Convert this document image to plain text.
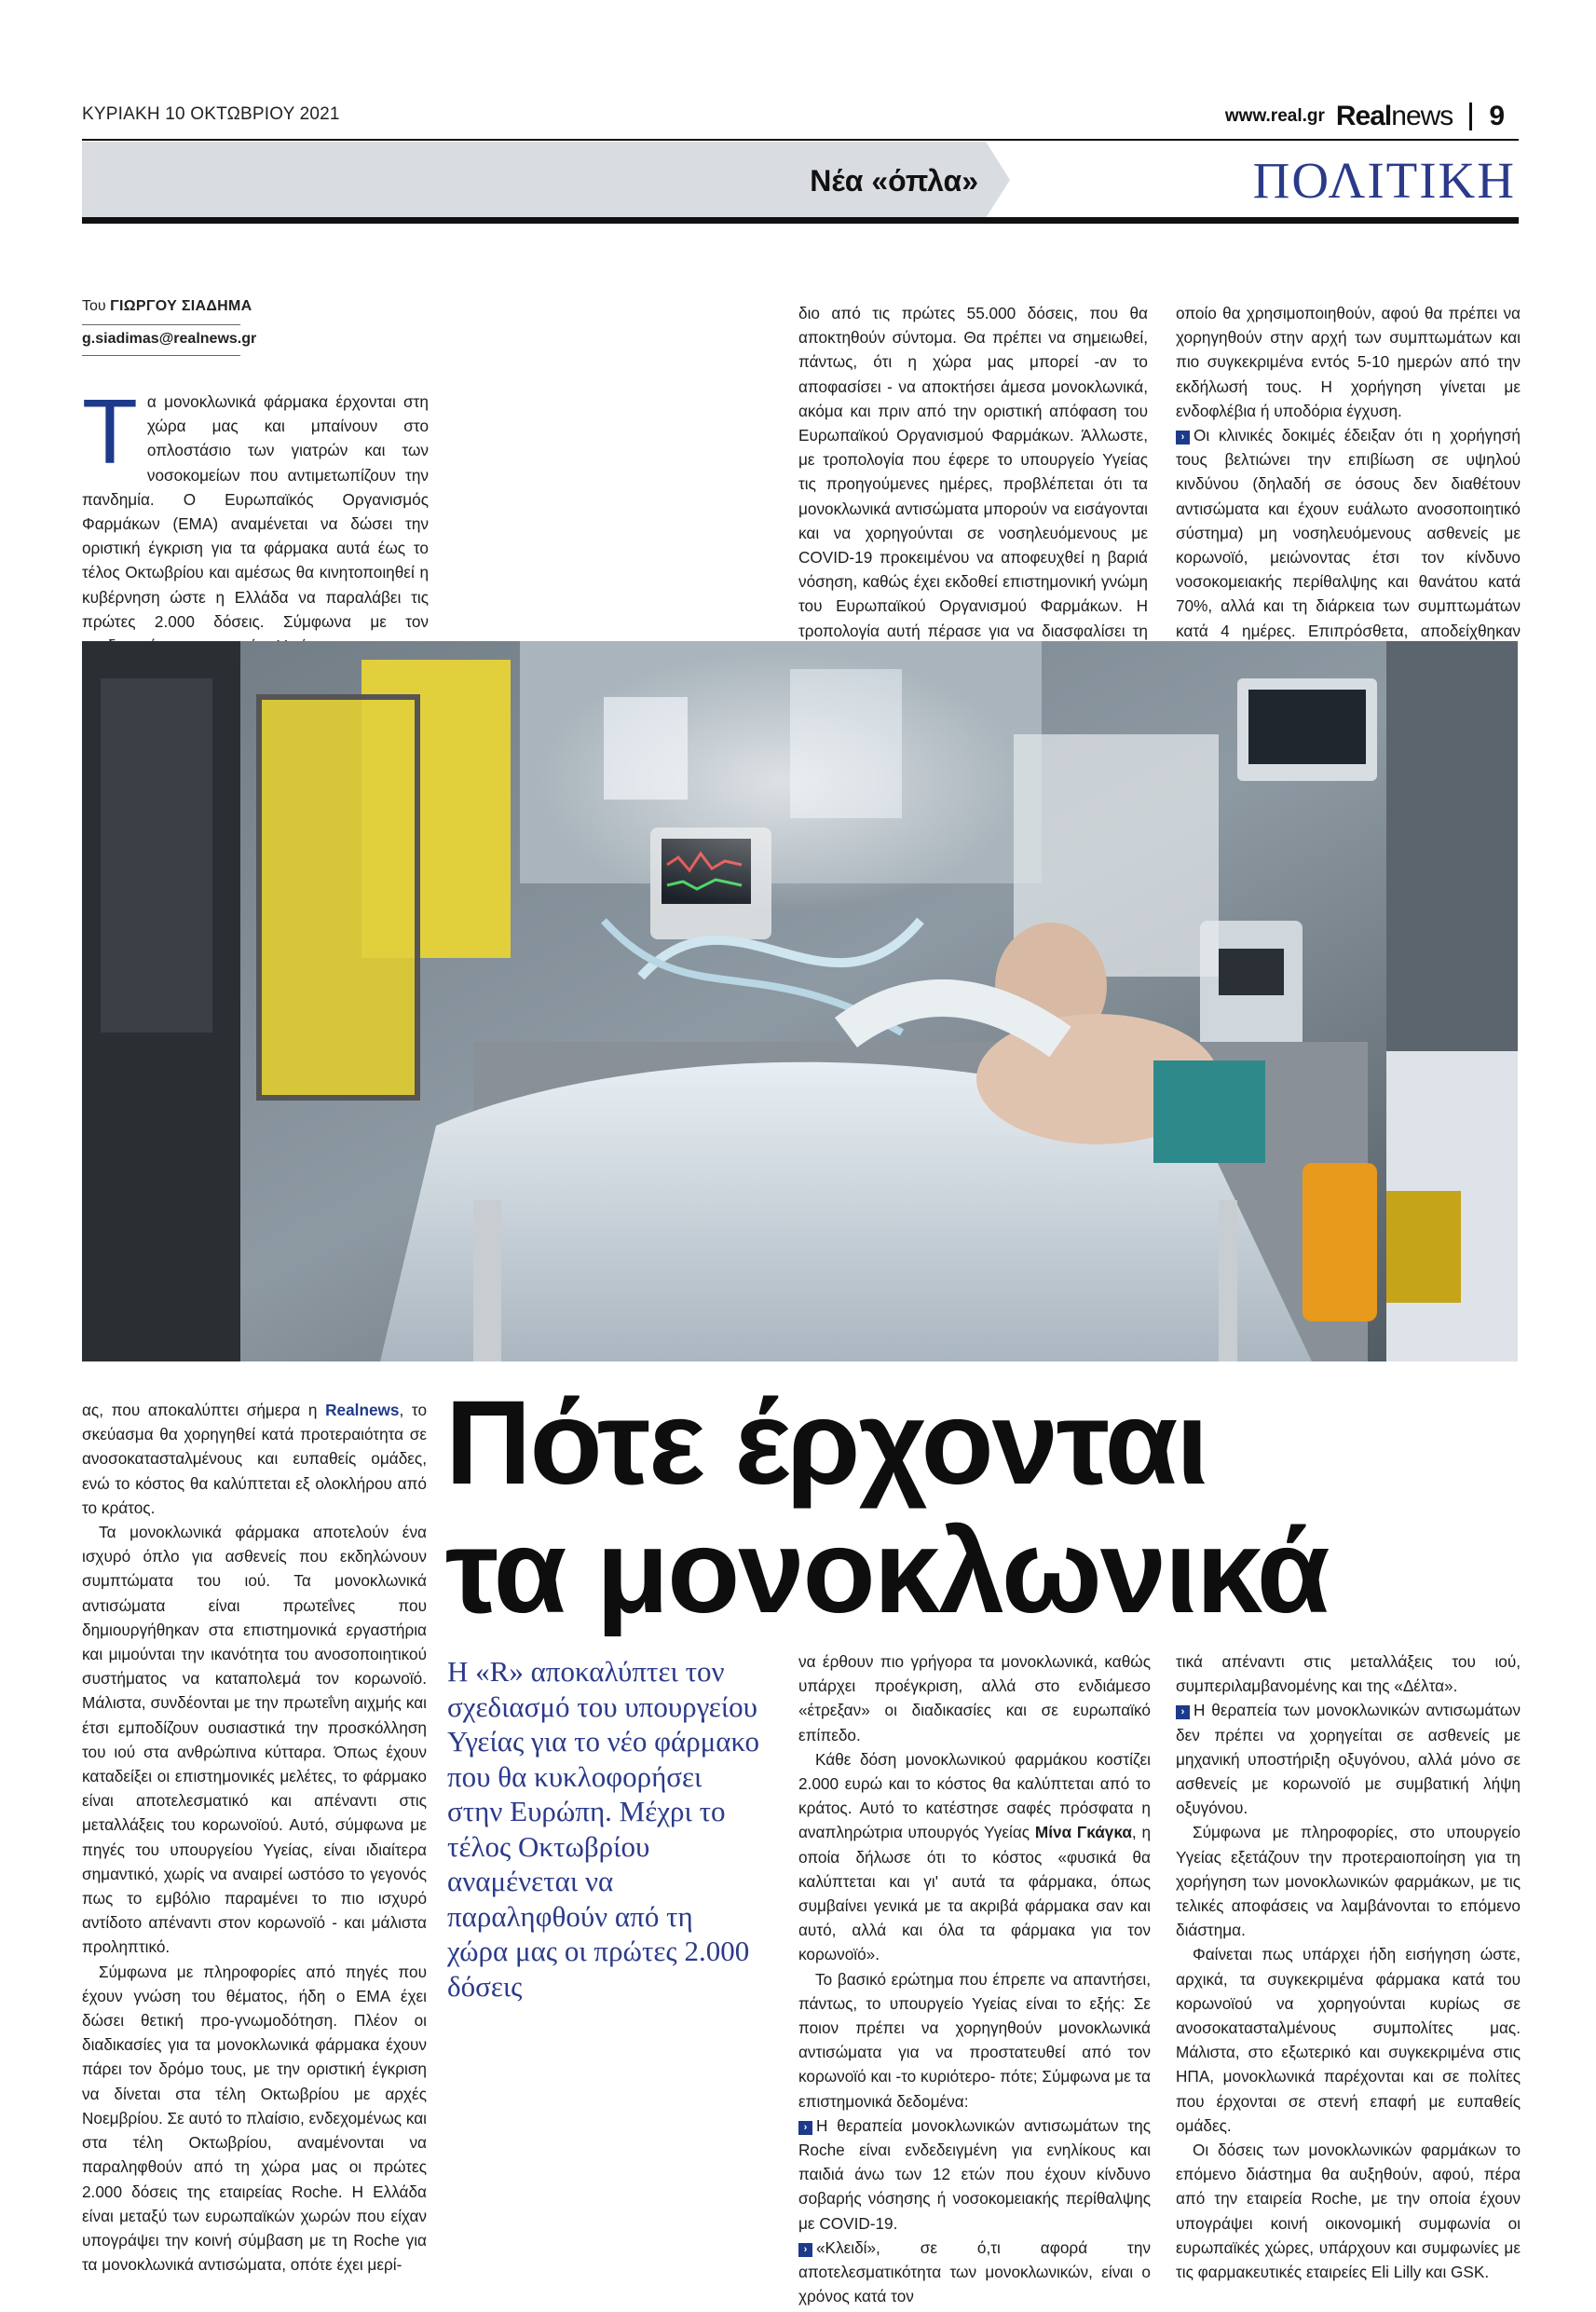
ΚΥΡΙΑΚΗ 10 ΟΚΤΩΒΡΙΟΥ 2021	www.real.gr Realnews 9
Νέα «όπλα»	ΠΟΛΙΤΙΚΗ
Του ΓΙΩΡΓΟΥ ΣΙΑΔΗΜΑ
g.siadimas@realnews.gr

Τα μονοκλωνικά φάρμακα έρχονται στη χώρα μας και μπαίνουν στο οπλοστάσιο των γιατρών και των νοσοκομείων που αντιμετωπίζουν την πανδημία. Ο Ευρωπαϊκός Οργανισμός Φαρμάκων (ΕΜΑ) αναμένεται να δώσει την οριστική έγκριση για τα φάρμακα αυτά έως το τέλος Οκτωβρίου και αμέσως θα κινητοποιηθεί η κυβέρνηση ώστε η Ελλάδα να παραλάβει τις πρώτες 2.000 δόσεις. Σύμφωνα με τον

διο από τις πρώτες 55.000 δόσεις, που θα αποκτηθούν σύντομα. Θα πρέπει να σημειωθεί, πάντως, ότι η χώρα μας μπορεί -αν το αποφασίσει - να αποκτήσει άμεσα μονοκλωνικά, ακόμα και πριν από την οριστική απόφαση του Ευρωπαϊκού Οργανισμού Φαρμάκων. Άλλωστε, με τροπολογία που έφερε το υπουργείο Υγείας τις προηγούμενες ημέρες, προβλέπεται ότι τα μονοκλωνικά αντισώματα μπορούν να εισάγονται και να χορηγούνται σε νοσηλευόμενους με COVID-19 προκειμένου να αποφευχθεί η βαριά νόσηση, καθώς έχει εκδοθεί επιστημονική γνώμη του Ευρωπαϊκού Οργανισμού Φαρμάκων. Η τροπολογία αυτή πέρασε για να διασφαλίσει τη

οποίο θα χρησιμοποιηθούν, αφού θα πρέπει να χορηγηθούν στην αρχή των συμπτωμάτων και πιο συγκεκριμένα εντός 5-10 ημερών από την εκδήλωσή τους. Η χορήγηση γίνεται με ενδοφλέβια ή υποδόρια έγχυση.

› Οι κλινικές δοκιμές έδειξαν ότι η χορήγησή τους βελτιώνει την επιβίωση σε υψηλού κινδύνου (δηλαδή σε όσους δεν διαθέτουν αντισώματα και έχουν ευάλωτο ανοσοποιητικό σύστημα) μη νοσηλευόμενους ασθενείς με κορωνοϊό, μειώνοντας έτσι τον κίνδυνο νοσοκομειακής περίθαλψης και θανάτου κατά 70%, αλλά και τη διάρκεια των συμπτωμάτων κατά 4 ημέρες. Επιπρόσθετα, αποδείχθηκαν

Πότε έρχονται
τα μονοκλωνικά
Η «R» αποκαλύπτει τον σχεδιασμό του υπουργείου Υγείας για το νέο φάρμακο που θα κυκλοφορήσει στην Ευρώπη. Μέχρι το τέλος Οκτωβρίου αναμένεται να παραληφθούν από τη χώρα μας οι πρώτες 2.000 δόσεις

ας, που αποκαλύπτει σήμερα η Realnews, το σκεύασμα θα χορηγηθεί κατά προτεραιότητα σε ανοσοκατασταλμένους και ευπαθείς ομάδες, ενώ το κόστος θα καλύπτεται εξ ολοκλήρου από το κράτος.

Τα μονοκλωνικά φάρμακα αποτελούν ένα ισχυρό όπλο για ασθενείς που εκδηλώνουν συμπτώματα του ιού. Τα μονοκλωνικά αντισώματα είναι πρωτεΐνες που δημιουργήθηκαν στα επιστημονικά εργαστήρια και μιμούνται την ικανότητα του ανοσοποιητικού συστήματος να καταπολεμά τον κορωνοϊό. Μάλιστα, συνδέονται με την πρωτεΐνη αιχμής και έτσι εμποδίζουν ουσιαστικά την προσκόλληση του ιού στα ανθρώπινα κύτταρα. Όπως έχουν καταδείξει οι επιστημονικές μελέτες, το φάρμακο είναι αποτελεσματικό και απέναντι στις μεταλλάξεις του κορωνοϊού. Αυτό, σύμφωνα με πηγές του υπουργείου Υγείας, είναι ιδιαίτερα σημαντικό, χωρίς να αναιρεί ωστόσο το γεγονός πως το εμβόλιο παραμένει το πιο ισχυρό αντίδοτο απέναντι στον κορωνοϊό - και μάλιστα προληπτικό.

Σύμφωνα με πληροφορίες από πηγές που έχουν γνώση του θέματος, ήδη ο ΕΜΑ έχει δώσει θετική προ-γνωμοδότηση. Πλέον οι διαδικασίες για τα μονοκλωνικά φάρμακα έχουν πάρει τον δρόμο τους, με την οριστική έγκριση να δίνεται στα τέλη Οκτωβρίου με αρχές Νοεμβρίου. Σε αυτό το πλαίσιο, ενδεχομένως και στα τέλη Οκτωβρίου, αναμένονται να παραληφθούν από τη χώρα μας οι πρώτες 2.000 δόσεις της εταιρείας Roche. Η Ελλάδα είναι μεταξύ των ευρωπαϊκών χωρών που είχαν υπογράψει την κοινή σύμβαση με τη Roche για τα μονοκλωνικά αντισώματα, οπότε έχει μερί-

να έρθουν πιο γρήγορα τα μονοκλωνικά, καθώς υπάρχει προέγκριση, αλλά στο ενδιάμεσο «έτρεξαν» οι διαδικασίες και σε ευρωπαϊκό επίπεδο.

Κάθε δόση μονοκλωνικού φαρμάκου κοστίζει 2.000 ευρώ και το κόστος θα καλύπτεται από το κράτος. Αυτό το κατέστησε σαφές πρόσφατα η αναπληρώτρια υπουργός Υγείας Μίνα Γκάγκα, η οποία δήλωσε ότι το κόστος «φυσικά θα καλύπτεται και γι' αυτά τα φάρμακα, όπως συμβαίνει γενικά με τα ακριβά φάρμακα σαν και αυτό, αλλά και όλα τα φάρμακα για τον κορωνοϊό».

Το βασικό ερώτημα που έπρεπε να απαντήσει, πάντως, το υπουργείο Υγείας είναι το εξής: Σε ποιον πρέπει να χορηγηθούν μονοκλωνικά αντισώματα για να προστατευθεί από τον κορωνοϊό και -το κυριότερο- πότε; Σύμφωνα με τα επιστημονικά δεδομένα:

› Η θεραπεία μονοκλωνικών αντισωμάτων της Roche είναι ενδεδειγμένη για ενηλίκους και παιδιά άνω των 12 ετών που έχουν κίνδυνο σοβαρής νόσησης ή νοσοκομειακής περίθαλψης με COVID-19.

› «Κλειδί», σε ό,τι αφορά την αποτελεσματικότητα των μονοκλωνικών, είναι ο χρόνος κατά τον

τικά απέναντι στις μεταλλάξεις του ιού, συμπεριλαμβανομένης και της «Δέλτα».

› Η θεραπεία των μονοκλωνικών αντισωμάτων δεν πρέπει να χορηγείται σε ασθενείς με μηχανική υποστήριξη οξυγόνου, αλλά μόνο σε ασθενείς με κορωνοϊό με συμβατική λήψη οξυγόνου.

Σύμφωνα με πληροφορίες, στο υπουργείο Υγείας εξετάζουν την προτεραιοποίηση για τη χορήγηση των μονοκλωνικών φαρμάκων, με τις τελικές αποφάσεις να λαμβάνονται το επόμενο διάστημα.

Φαίνεται πως υπάρχει ήδη εισήγηση ώστε, αρχικά, τα συγκεκριμένα φάρμακα κατά του κορωνοϊού να χορηγούνται κυρίως σε ανοσοκατασταλμένους συμπολίτες μας. Μάλιστα, στο εξωτερικό και συγκεκριμένα στις ΗΠΑ, μονοκλωνικά παρέχονται και σε πολίτες που έρχονται σε στενή επαφή με ευπαθείς ομάδες.

Οι δόσεις των μονοκλωνικών φαρμάκων το επόμενο διάστημα θα αυξηθούν, αφού, πέρα από την εταιρεία Roche, με την οποία έχουν υπογράψει κοινή οικονομική συμφωνία οι ευρωπαϊκές χώρες, υπάρχουν και συμφωνίες με τις φαρμακευτικές εταιρείες Eli Lilly και GSK.
